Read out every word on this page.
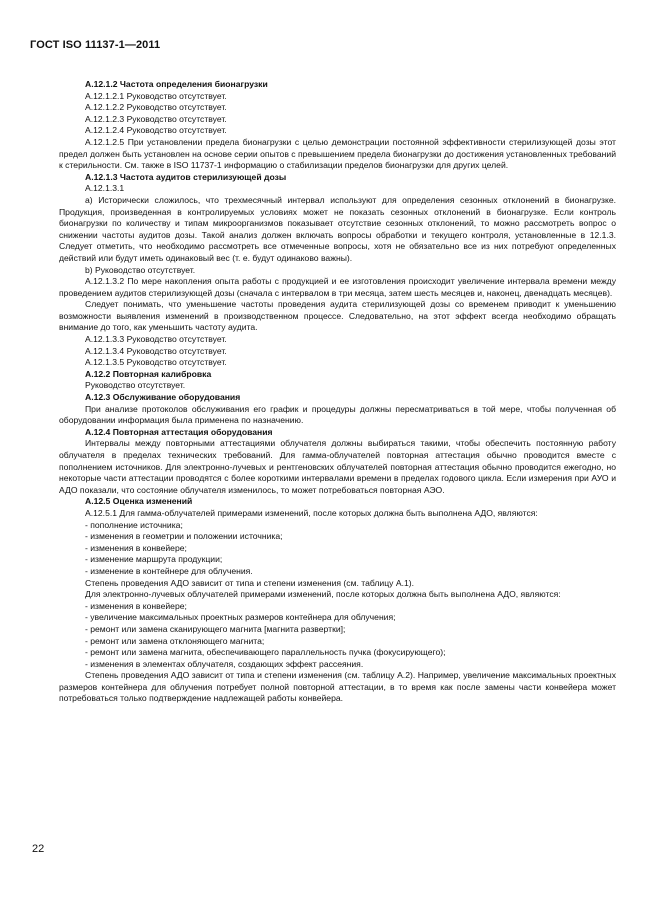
ГОСТ ISO 11137-1—2011

А.12.1.2 Частота определения бионагрузки

А.12.1.2.1 Руководство отсутствует.

А.12.1.2.2 Руководство отсутствует.

А.12.1.2.3 Руководство отсутствует.

А.12.1.2.4 Руководство отсутствует.

А.12.1.2.5 При установлении предела бионагрузки с целью демонстрации постоянной эффективности стерилизующей дозы этот предел должен быть установлен на основе серии опытов с превышением предела бионагрузки до достижения установленных требований к стерильности. См. также в ISO 11737-1 информацию о стабилизации пределов бионагрузки для других целей.

А.12.1.3 Частота аудитов стерилизующей дозы

А.12.1.3.1

а) Исторически сложилось, что трехмесячный интервал используют для определения сезонных отклонений в бионагрузке. Продукция, произведенная в контролируемых условиях может не показать сезонных отклонений в бионагрузке. Если контроль бионагрузки по количеству и типам микроорганизмов показывает отсутствие сезонных отклонений, то можно рассмотреть вопрос о снижении частоты аудитов дозы. Такой анализ должен включать вопросы обработки и текущего контроля, установленные в 12.1.3. Следует отметить, что необходимо рассмотреть все отмеченные вопросы, хотя не обязательно все из них потребуют определенных действий или будут иметь одинаковый вес (т. е. будут одинаково важны).

b) Руководство отсутствует.

А.12.1.3.2 По мере накопления опыта работы с продукцией и ее изготовления происходит увеличение интервала времени между проведением аудитов стерилизующей дозы (сначала с интервалом в три месяца, затем шесть месяцев и, наконец, двенадцать месяцев).

Следует понимать, что уменьшение частоты проведения аудита стерилизующей дозы со временем приводит к уменьшению возможности выявления изменений в производственном процессе. Следовательно, на этот эффект всегда необходимо обращать внимание до того, как уменьшить частоту аудита.

А.12.1.3.3 Руководство отсутствует.

А.12.1.3.4 Руководство отсутствует.

А.12.1.3.5 Руководство отсутствует.

А.12.2 Повторная калибровка

Руководство отсутствует.

А.12.3 Обслуживание оборудования

При анализе протоколов обслуживания его график и процедуры должны пересматриваться в той мере, чтобы полученная об оборудовании информация была применена по назначению.

А.12.4 Повторная аттестация оборудования

Интервалы между повторными аттестациями облучателя должны выбираться такими, чтобы обеспечить постоянную работу облучателя в пределах технических требований. Для гамма-облучателей повторная аттестация обычно проводится вместе с пополнением источников. Для электронно-лучевых и рентгеновских облучателей повторная аттестация обычно проводится ежегодно, но некоторые части аттестации проводятся с более короткими интервалами времени в пределах годового цикла. Если измерения при АУО и АДО показали, что состояние облучателя изменилось, то может потребоваться повторная АЭО.

А.12.5 Оценка изменений

А.12.5.1 Для гамма-облучателей примерами изменений, после которых должна быть выполнена АДО, являются:

- пополнение источника;

- изменения в геометрии и положении источника;

- изменения в конвейере;

- изменение маршрута продукции;

- изменение в контейнере для облучения.

Степень проведения АДО зависит от типа и степени изменения (см. таблицу А.1).

Для электронно-лучевых облучателей примерами изменений, после которых должна быть выполнена АДО, являются:

- изменения в конвейере;

- увеличение максимальных проектных размеров контейнера для облучения;

- ремонт или замена сканирующего магнита [магнита развертки];

- ремонт или замена отклоняющего магнита;

- ремонт или замена магнита, обеспечивающего параллельность пучка (фокусирующего);

- изменения в элементах облучателя, создающих эффект рассеяния.

Степень проведения АДО зависит от типа и степени изменения (см. таблицу А.2). Например, увеличение максимальных проектных размеров контейнера для облучения потребует полной повторной аттестации, в то время как после замены части конвейера может потребоваться только подтверждение надлежащей работы конвейера.

22
